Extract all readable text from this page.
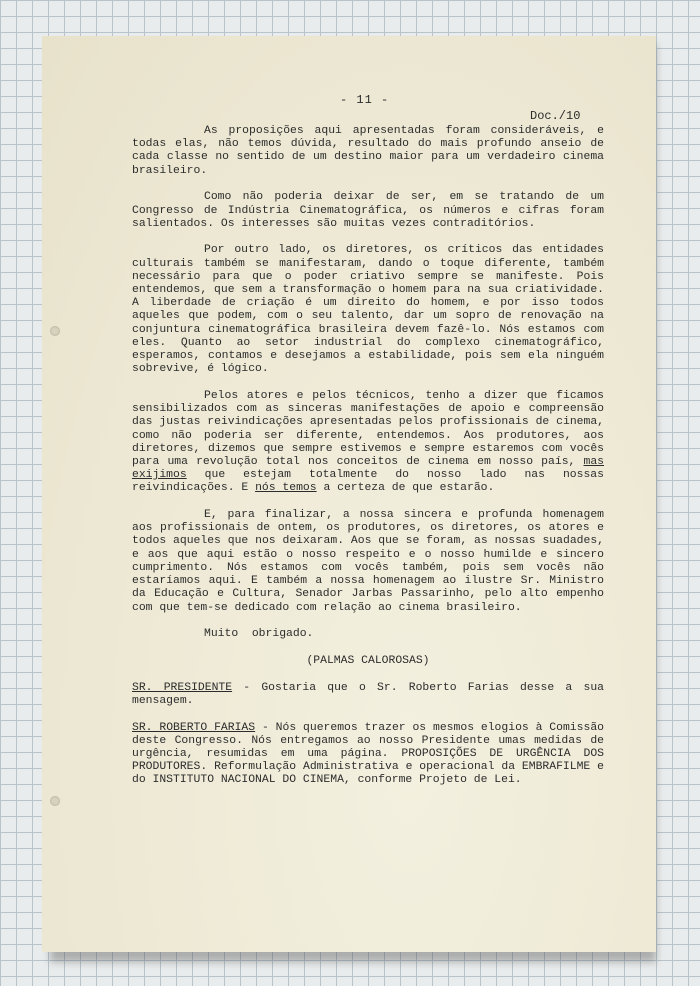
- 11 -
Doc./10

As proposições aqui apresentadas foram consideráveis, e todas elas, não temos dúvida, resultado do mais profundo anseio de cada classe no sentido de um destino maior para um verdadeiro cinema brasileiro.

Como não poderia deixar de ser, em se tratando de um Congresso de Indústria Cinematográfica, os números e cifras foram salientados. Os interesses são muitas vezes contraditórios.

Por outro lado, os diretores, os críticos das entidades culturais também se manifestaram, dando o toque diferente, também necessário para que o poder criativo sempre se manifeste. Pois entendemos, que sem a transformação o homem para na sua criatividade. A liberdade de criação é um direito do homem, e por isso todos aqueles que podem, com o seu talento, dar um sopro de renovação na conjuntura cinematográfica brasileira devem fazê-lo. Nós estamos com eles. Quanto ao setor industrial do complexo cinematográfico, esperamos, contamos e desejamos a estabilidade, pois sem ela ninguém sobrevive, é lógico.

Pelos atores e pelos técnicos, tenho a dizer que ficamos sensibilizados com as sinceras manifestações de apoio e compreensão das justas reivindicações apresentadas pelos profissionais de cinema, como não poderia ser diferente, entendemos. Aos produtores, aos diretores, dizemos que sempre estivemos e sempre estaremos com vocês para uma revolução total nos conceitos de cinema em nosso país, mas exijimos que estejam totalmente do nosso lado nas nossas reivindicações. E nós temos a certeza de que estarão.

E, para finalizar, a nossa sincera e profunda homenagem aos profissionais de ontem, os produtores, os diretores, os atores e todos aqueles que nos deixaram. Aos que se foram, as nossas suadades, e aos que aqui estão o nosso respeito e o nosso humilde e sincero cumprimento. Nós estamos com vocês também, pois sem vocês não estaríamos aqui. E também a nossa homenagem ao ilustre Sr. Ministro da Educação e Cultura, Senador Jarbas Passarinho, pelo alto empenho com que tem-se dedicado com relação ao cinema brasileiro.

Muito  obrigado.

(PALMAS CALOROSAS)

SR. PRESIDENTE - Gostaria que o Sr. Roberto Farias desse a sua mensagem.

SR. ROBERTO FARIAS - Nós queremos trazer os mesmos elogios à Comissão deste Congresso. Nós entregamos ao nosso Presidente umas medidas de urgência, resumidas em uma página. PROPOSIÇÕES DE URGÊNCIA DOS PRODUTORES. Reformulação Administrativa e operacional da EMBRAFILME e do INSTITUTO NACIONAL DO CINEMA, conforme Projeto de Lei.
